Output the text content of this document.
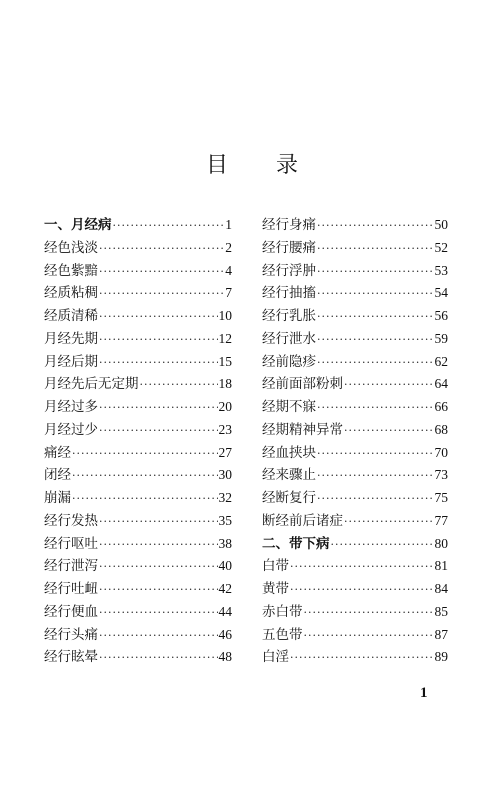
目录
一、月经病 ·····	1
经色浅淡 ·····	2
经色紫黯 ·····	4
经质粘稠 ·····	7
经质清稀 ·····	10
月经先期 ·····	12
月经后期 ·····	15
月经先后无定期 ·····	18
月经过多 ·····	20
月经过少 ·····	23
痛经 ·····	27
闭经 ·····	30
崩漏 ·····	32
经行发热 ·····	35
经行呕吐 ·····	38
经行泄泻 ·····	40
经行吐衄 ·····	42
经行便血 ·····	44
经行头痛 ·····	46
经行眩晕 ·····	48
经行身痛 ·····	50
经行腰痛 ·····	52
经行浮肿 ·····	53
经行抽搐 ·····	54
经行乳胀 ·····	56
经行泄水 ·····	59
经前隐疹 ·····	62
经前面部粉刺 ·····	64
经期不寐 ·····	66
经期精神异常 ·····	68
经血挟块 ·····	70
经来骤止 ·····	73
经断复行 ·····	75
断经前后诸症 ·····	77
二、带下病 ·····	80
白带 ·····	81
黄带 ·····	84
赤白带 ·····	85
五色带 ·····	87
白淫 ·····	89
1
